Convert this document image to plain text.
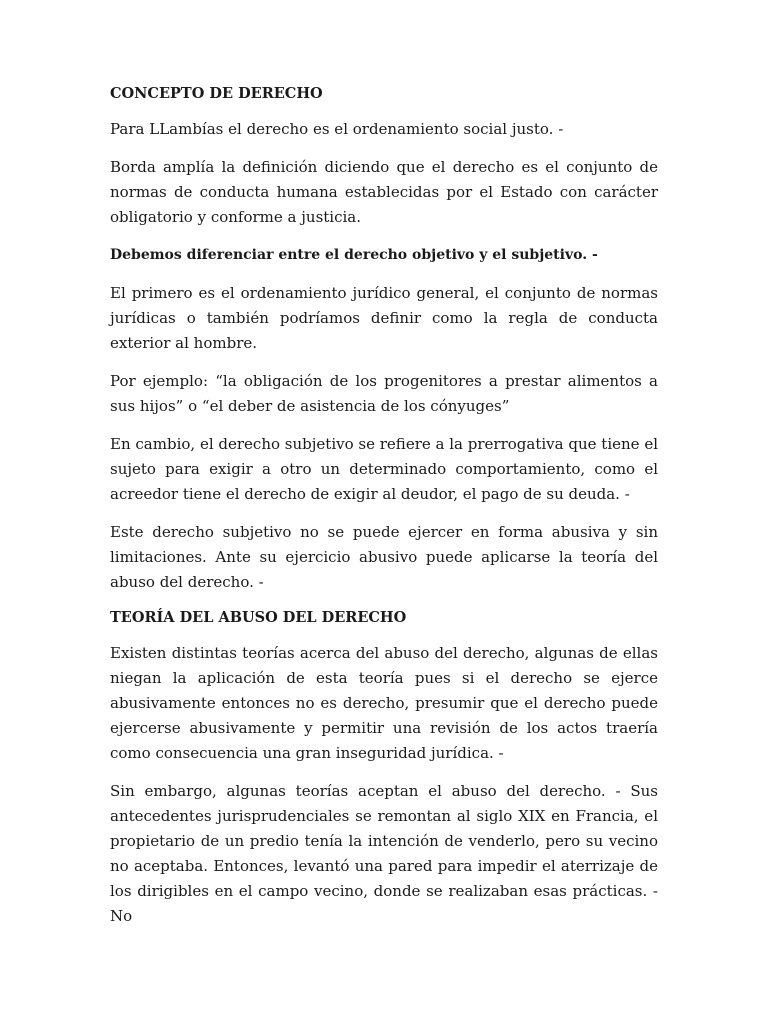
CONCEPTO DE DERECHO

Para LLambías el derecho es el ordenamiento social justo. -

Borda amplía la definición diciendo que el derecho es el conjunto de normas de conducta humana establecidas por el Estado con carácter obligatorio y conforme a justicia.

Debemos diferenciar entre el derecho objetivo y el subjetivo. -

El primero es el ordenamiento jurídico general, el conjunto de normas jurídicas o también podríamos definir como la regla de conducta exterior al hombre.

Por ejemplo: “la obligación de los progenitores a prestar alimentos a sus hijos” o “el deber de asistencia de los cónyuges”

En cambio, el derecho subjetivo se refiere a la prerrogativa que tiene el sujeto para exigir a otro un determinado comportamiento, como el acreedor tiene el derecho de exigir al deudor, el pago de su deuda. -

Este derecho subjetivo no se puede ejercer en forma abusiva y sin limitaciones. Ante su ejercicio abusivo puede aplicarse la teoría del abuso del derecho. -

TEORÍA DEL ABUSO DEL DERECHO

Existen distintas teorías acerca del abuso del derecho, algunas de ellas niegan la aplicación de esta teoría pues si el derecho se ejerce abusivamente entonces no es derecho, presumir que el derecho puede ejercerse abusivamente y permitir una revisión de los actos traería como consecuencia una gran inseguridad jurídica. -

Sin embargo, algunas teorías aceptan el abuso del derecho. - Sus antecedentes jurisprudenciales se remontan al siglo XIX en Francia, el propietario de un predio tenía la intención de venderlo, pero su vecino no aceptaba. Entonces, levantó una pared para impedir el aterrizaje de los dirigibles en el campo vecino, donde se realizaban esas prácticas. - No
